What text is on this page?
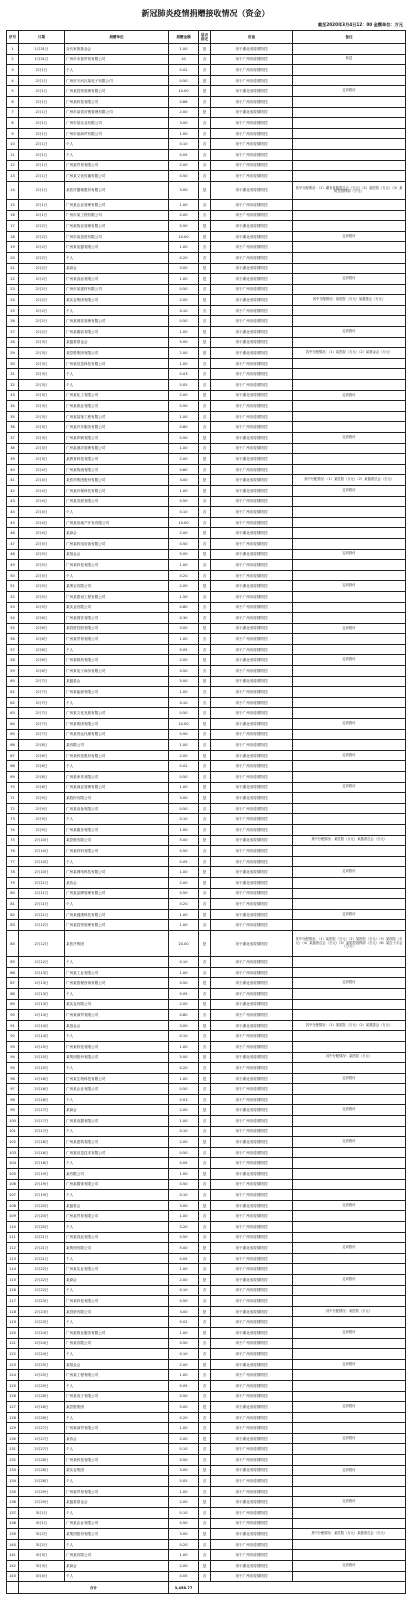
新冠肺炎疫情捐赠接收情况（资金）
截至2020年3月4日12：00 金额单位：万元
序号	日期	捐赠单位	捐赠金额	是否指定	用途	备注
1	1月31日	谷氏家族基金会	1.00	是	用于湖北省疫情防控	
2	1月31日	广州市禾普贸易有限公司	10	否	用于广州市疫情防控	转送
3	2月1日	个人	0.02	否	用于广州市疫情防控	
4	2月1日	广州市天河区某电子有限公司	0.50	是	用于广州市疫情防控	
5	2月1日	广州某投资管理有限公司	10.00	是	用于湖北省疫情防控	定向拨付
6	2月1日	广州某科技有限公司	0.88	否	用于广州市疫情防控	
7	2月1日	广州市某供应链管理有限公司	2.00	是	用于湖北省疫情防控	
8	2月1日	广州市某实业有限公司	3.00	否	用于广州市疫情防控	
9	2月1日	广州市某商贸有限公司	1.00	否	用于广州市疫情防控	
10	2月1日	个人	0.10	否	用于广州市疫情防控	
11	2月1日	个人	0.05	否	用于广州市疫情防控	
12	2月1日	广州某贸易有限公司	2.00	否	用于广州市疫情防控	
13	2月1日	广州某文化传播有限公司	0.50	否	用于广州市疫情防控	
14	2月1日	某医疗器械股份有限公司	3.00	是	用于湖北省疫情防控	其中分配情况：（1）湖北省慈善总会（万元）（2）某医院（万元）（3）某防控指挥部（万元）
15	2月1日	广州某企业管理有限公司	1.00	否	用于广州市疫情防控	
16	2月1日	广州市某工程有限公司	2.00	否	用于广州市疫情防控	
17	2月2日	广州某物业管理有限公司	0.50	是	用于湖北省疫情防控	
18	2月2日	广州市某投资有限公司	10.00	是	用于湖北省疫情防控	定向拨付
19	2月2日	广州某电器有限公司	1.00	否	用于广州市疫情防控	
20	2月2日	个人	0.20	否	用于广州市疫情防控	
21	2月2日	某商会	3.00	是	用于湖北省疫情防控	
22	2月2日	广州某食品有限公司	1.00	是	用于湖北省疫情防控	定向拨付
23	2月2日	广州市某建材有限公司	0.50	否	用于广州市疫情防控	
24	2月2日	某实业集团有限公司	2.00	是	用于湖北省疫情防控	其中分配情况：某医院（万元）某慈善会（万元）
25	2月2日	个人	0.10	否	用于广州市疫情防控	
26	2月2日	广州某餐饮管理有限公司	0.50	否	用于广州市疫情防控	
27	2月2日	广州某服装有限公司	1.00	是	用于湖北省疫情防控	定向拨付
28	2月3日	某慈善基金会	5.00	是	用于湖北省疫情防控	
29	2月3日	某控股集团有限公司	2.00	是	用于湖北省疫情防控	其中分配情况：（1）某医院（万元）（2）某基金会（万元）
30	2月3日	广州某信息科技有限公司	1.00	否	用于广州市疫情防控	
31	2月3日	个人	0.03	否	用于广州市疫情防控	
32	2月3日	个人	0.05	否	用于广州市疫情防控	
33	2月3日	广州某化工有限公司	2.00	是	用于湖北省疫情防控	定向拨付
34	2月3日	广州某纸业有限公司	0.50	否	用于广州市疫情防控	
35	2月3日	广州某装饰工程有限公司	1.00	否	用于广州市疫情防控	
36	2月3日	广州某汽车服务有限公司	0.80	否	用于广州市疫情防控	
37	2月3日	广州某印刷有限公司	0.50	是	用于湖北省疫情防控	定向拨付
38	2月3日	广州某酒店管理有限公司	1.00	否	用于广州市疫情防控	
39	2月3日	某教育科技有限公司	2.00	是	用于湖北省疫情防控	
40	2月4日	广州某物流有限公司	0.60	否	用于广州市疫情防控	
41	2月4日	某医药集团股份有限公司	3.00	是	用于湖北省疫情防控	其中分配情况：（1）某医院（万元）（2）某慈善总会（万元）
42	2月4日	广州某环保科技有限公司	1.00	是	用于湖北省疫情防控	定向拨付
43	2月4日	广州某发展有限公司	0.50	否	用于广州市疫情防控	
44	2月4日	个人	0.10	否	用于广州市疫情防控	
45	2月4日	广州某房地产开发有限公司	10.00	否	用于广州市疫情防控	
46	2月4日	某商会	2.00	是	用于湖北省疫情防控	
47	2月5日	广州某机电设备有限公司	0.50	否	用于广州市疫情防控	
48	2月5日	某基金会	5.00	是	用于湖北省疫情防控	定向拨付
49	2月5日	广州某科技有限公司	1.00	否	用于广州市疫情防控	
50	2月5日	个人	0.20	否	用于广州市疫情防控	
51	2月5日	某珠宝有限公司	2.00	是	用于湖北省疫情防控	定向拨付
52	2月5日	广州某建设工程有限公司	1.50	否	用于广州市疫情防控	
53	2月5日	某实业有限公司	0.80	否	用于广州市疫情防控	
54	2月6日	广州某餐饮有限公司	0.30	否	用于广州市疫情防控	
55	2月6日	某投资控股有限公司	3.00	是	用于湖北省疫情防控	定向拨付
56	2月6日	广州某贸易有限公司	1.00	否	用于广州市疫情防控	
57	2月6日	个人	0.05	否	用于广州市疫情防控	
58	2月6日	广州某制药有限公司	2.00	是	用于湖北省疫情防控	定向拨付
59	2月6日	广州某电子商务有限公司	0.50	否	用于广州市疫情防控	
60	2月7日	某慈善会	5.00	是	用于湖北省疫情防控	
61	2月7日	广州某能源有限公司	1.00	否	用于广州市疫情防控	
62	2月7日	个人	0.10	否	用于广州市疫情防控	
63	2月7日	广州某文化发展有限公司	0.50	否	用于广州市疫情防控	
64	2月7日	广州某集团有限公司	10.00	是	用于湖北省疫情防控	定向拨付
65	2月7日	广州某货运代理有限公司	0.50	否	用于广州市疫情防控	
66	2月8日	某有限公司	1.00	否	用于广州市疫情防控	
67	2月8日	广州某科技股份有限公司	2.00	是	用于湖北省疫情防控	定向拨付
68	2月8日	个人	0.02	否	用于广州市疫情防控	
69	2月8日	广州某家具有限公司	0.50	否	用于广州市疫情防控	
70	2月8日	广州某商业管理有限公司	1.00	是	用于湖北省疫情防控	定向拨付
71	2月9日	某股份有限公司	3.00	是	用于湖北省疫情防控	
72	2月9日	广州某设备有限公司	0.50	否	用于广州市疫情防控	
73	2月9日	个人	0.10	否	用于广州市疫情防控	
74	2月9日	广州某服务有限公司	1.00	否	用于广州市疫情防控	
75	2月10日	某控股有限公司	5.00	是	用于湖北省疫情防控	其中分配情况：某医院（万元）某慈善总会（万元）
76	2月10日	广州某材料有限公司	0.50	否	用于广州市疫情防控	
77	2月10日	个人	0.05	否	用于广州市疫情防控	
78	2月10日	广州某网络科技有限公司	1.00	是	用于湖北省疫情防控	定向拨付
79	2月11日	某协会	2.00	是	用于湖北省疫情防控	
80	2月11日	广州某品牌管理有限公司	0.50	否	用于广州市疫情防控	
81	2月11日	个人	0.20	否	用于广州市疫情防控	
82	2月11日	广州某健康科技有限公司	1.00	是	用于湖北省疫情防控	定向拨付
83	2月12日	广州某投资管理有限公司	1.00	否	用于广州市疫情防控	
84	2月12日	某医疗集团	20.00	是	用于湖北省疫情防控	其中分配情况：（1）某医院（万元）（2）某医院（万元）（3）某医院（万元）（4）某慈善总会（万元）（5）某防控指挥部（万元）（6）某红十字会（万元）
85	2月12日	个人	0.10	否	用于广州市疫情防控	
86	2月13日	广州某工业有限公司	1.00	否	用于广州市疫情防控	
87	2月13日	广州某管理咨询有限公司	0.50	是	用于湖北省疫情防控	定向拨付
88	2月13日	个人	0.05	否	用于广州市疫情防控	
89	2月13日	某实业有限公司	2.00	是	用于湖北省疫情防控	
90	2月14日	广州某商贸有限公司	0.80	否	用于广州市疫情防控	
91	2月14日	某基金会	3.00	是	用于湖北省疫情防控	其中分配情况：（1）某医院（万元）（2）某慈善会（万元）
92	2月14日	个人	0.10	否	用于广州市疫情防控	
93	2月15日	广州某科技有限公司	1.00	否	用于广州市疫情防控	
94	2月15日	某集团股份有限公司	5.00	是	用于湖北省疫情防控	其中分配情况：某医院（万元）
95	2月15日	个人	0.20	否	用于广州市疫情防控	
96	2月16日	广州某生物科技有限公司	1.00	是	用于湖北省疫情防控	定向拨付
97	2月16日	广州某企业有限公司	0.50	否	用于广州市疫情防控	
98	2月16日	个人	0.03	否	用于广州市疫情防控	
99	2月17日	某商会	2.00	是	用于湖北省疫情防控	定向拨付
100	2月17日	广州某电器有限公司	1.00	否	用于广州市疫情防控	
101	2月17日	个人	0.10	否	用于广州市疫情防控	
102	2月18日	广州某建筑有限公司	2.00	是	用于湖北省疫情防控	定向拨付
103	2月18日	广州某信息技术有限公司	0.50	否	用于广州市疫情防控	
104	2月18日	个人	0.05	否	用于广州市疫情防控	
105	2月19日	某有限公司	1.00	是	用于湖北省疫情防控	
106	2月19日	广州某服饰有限公司	0.50	否	用于广州市疫情防控	
107	2月19日	个人	0.10	否	用于广州市疫情防控	
108	2月20日	某慈善会	3.00	是	用于湖北省疫情防控	定向拨付
109	2月20日	广州某贸易有限公司	1.00	否	用于广州市疫情防控	
110	2月20日	个人	0.20	否	用于广州市疫情防控	
111	2月21日	广州某食品有限公司	0.50	否	用于广州市疫情防控	
112	2月21日	某集团有限公司	5.00	是	用于湖北省疫情防控	定向拨付
113	2月21日	个人	0.05	否	用于广州市疫情防控	
114	2月22日	广州某实业有限公司	1.00	否	用于广州市疫情防控	
115	2月22日	某商会	2.00	是	用于湖北省疫情防控	定向拨付
116	2月22日	个人	0.10	否	用于广州市疫情防控	
117	2月23日	广州某科技有限公司	0.50	否	用于广州市疫情防控	
118	2月23日	某投资有限公司	3.00	是	用于湖北省疫情防控	其中分配情况：某医院（万元）
119	2月23日	个人	0.02	否	用于广州市疫情防控	
120	2月24日	广州某物业服务有限公司	1.00	是	用于湖北省疫情防控	定向拨付
121	2月24日	广州某有限公司	0.50	否	用于广州市疫情防控	
122	2月24日	个人	0.10	否	用于广州市疫情防控	
123	2月25日	某基金会	2.00	是	用于湖北省疫情防控	定向拨付
124	2月25日	广州某工程有限公司	1.00	否	用于广州市疫情防控	
125	2月25日	个人	0.05	否	用于广州市疫情防控	
126	2月26日	广州某电子有限公司	0.50	否	用于广州市疫情防控	
127	2月26日	某控股集团	5.00	是	用于湖北省疫情防控	定向拨付
128	2月26日	个人	0.20	否	用于广州市疫情防控	
129	2月27日	广州某商贸有限公司	1.00	否	用于广州市疫情防控	
130	2月27日	某协会	2.00	是	用于湖北省疫情防控	定向拨付
131	2月27日	个人	0.10	否	用于广州市疫情防控	
132	2月28日	广州某科技有限公司	0.50	否	用于广州市疫情防控	
133	2月28日	某实业集团	3.00	是	用于湖北省疫情防控	定向拨付
134	2月28日	个人	0.05	否	用于广州市疫情防控	
135	2月29日	广州某贸易有限公司	1.00	否	用于广州市疫情防控	
136	2月29日	某慈善基金会	2.00	是	用于湖北省疫情防控	定向拨付
137	3月1日	个人	0.10	否	用于广州市疫情防控	
138	3月1日	广州某企业有限公司	0.50	否	用于广州市疫情防控	
139	3月2日	某集团股份有限公司	3.00	是	用于湖北省疫情防控	其中分配情况：某医院（万元）某慈善总会（万元）
140	3月2日	个人	0.20	否	用于广州市疫情防控	
141	3月3日	广州某有限公司	1.00	否	用于广州市疫情防控	
142	3月3日	某商会	2.00	是	用于湖北省疫情防控	定向拨付
143	3月4日	个人	0.05	否	用于广州市疫情防控	
	合计		3,458.77			
